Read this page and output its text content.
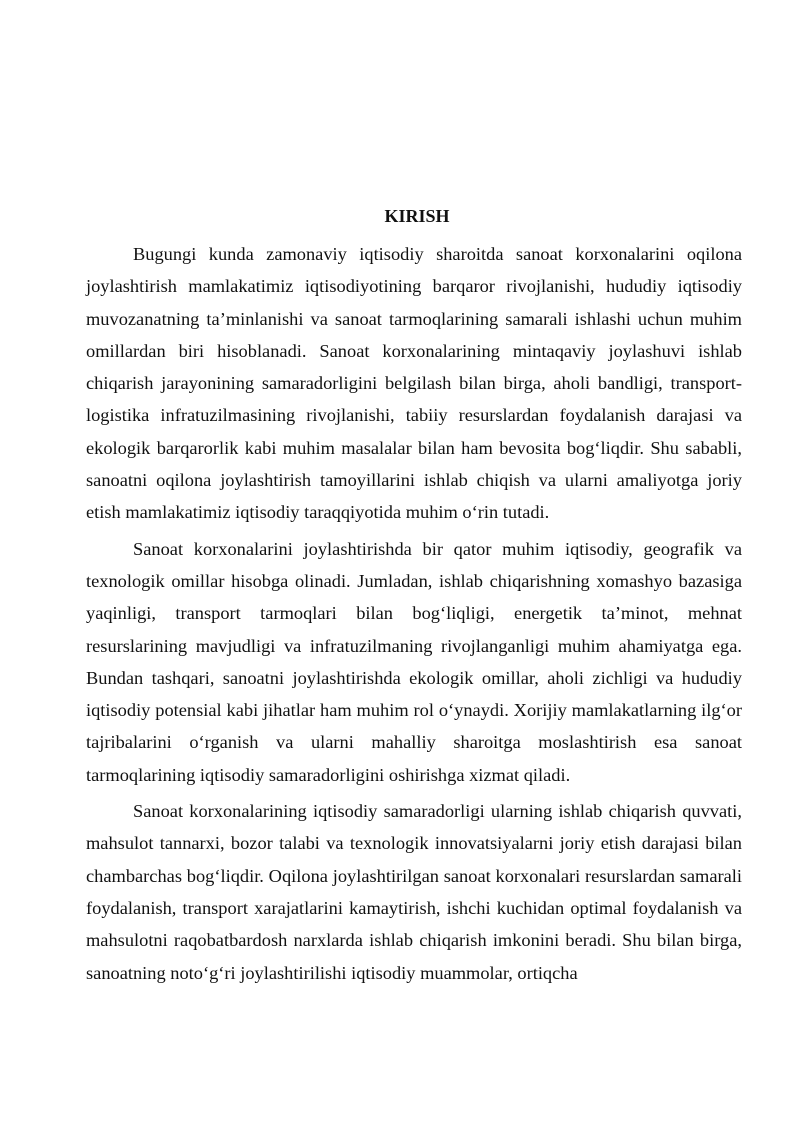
KIRISH

Bugungi kunda zamonaviy iqtisodiy sharoitda sanoat korxonalarini oqilona joylashtirish mamlakatimiz iqtisodiyotining barqaror rivojlanishi, hududiy iqtisodiy muvozanatning ta’minlanishi va sanoat tarmoqlarining samarali ishlashi uchun muhim omillardan biri hisoblanadi. Sanoat korxonalarining mintaqaviy joylashuvi ishlab chiqarish jarayonining samaradorligini belgilash bilan birga, aholi bandligi, transport-logistika infratuzilmasining rivojlanishi, tabiiy resurslardan foydalanish darajasi va ekologik barqarorlik kabi muhim masalalar bilan ham bevosita bog‘liqdir. Shu sababli, sanoatni oqilona joylashtirish tamoyillarini ishlab chiqish va ularni amaliyotga joriy etish mamlakatimiz iqtisodiy taraqqiyotida muhim o‘rin tutadi.

Sanoat korxonalarini joylashtirishda bir qator muhim iqtisodiy, geografik va texnologik omillar hisobga olinadi. Jumladan, ishlab chiqarishning xomashyo bazasiga yaqinligi, transport tarmoqlari bilan bog‘liqligi, energetik ta’minot, mehnat resurslarining mavjudligi va infratuzilmaning rivojlanganligi muhim ahamiyatga ega. Bundan tashqari, sanoatni joylashtirishda ekologik omillar, aholi zichligi va hududiy iqtisodiy potensial kabi jihatlar ham muhim rol o‘ynaydi. Xorijiy mamlakatlarning ilg‘or tajribalarini o‘rganish va ularni mahalliy sharoitga moslashtirish esa sanoat tarmoqlarining iqtisodiy samaradorligini oshirishga xizmat qiladi.

Sanoat korxonalarining iqtisodiy samaradorligi ularning ishlab chiqarish quvvati, mahsulot tannarxi, bozor talabi va texnologik innovatsiyalarni joriy etish darajasi bilan chambarchas bog‘liqdir. Oqilona joylashtirilgan sanoat korxonalari resurslardan samarali foydalanish, transport xarajatlarini kamaytirish, ishchi kuchidan optimal foydalanish va mahsulotni raqobatbardosh narxlarda ishlab chiqarish imkonini beradi. Shu bilan birga, sanoatning noto‘g‘ri joylashtirilishi iqtisodiy muammolar, ortiqcha
